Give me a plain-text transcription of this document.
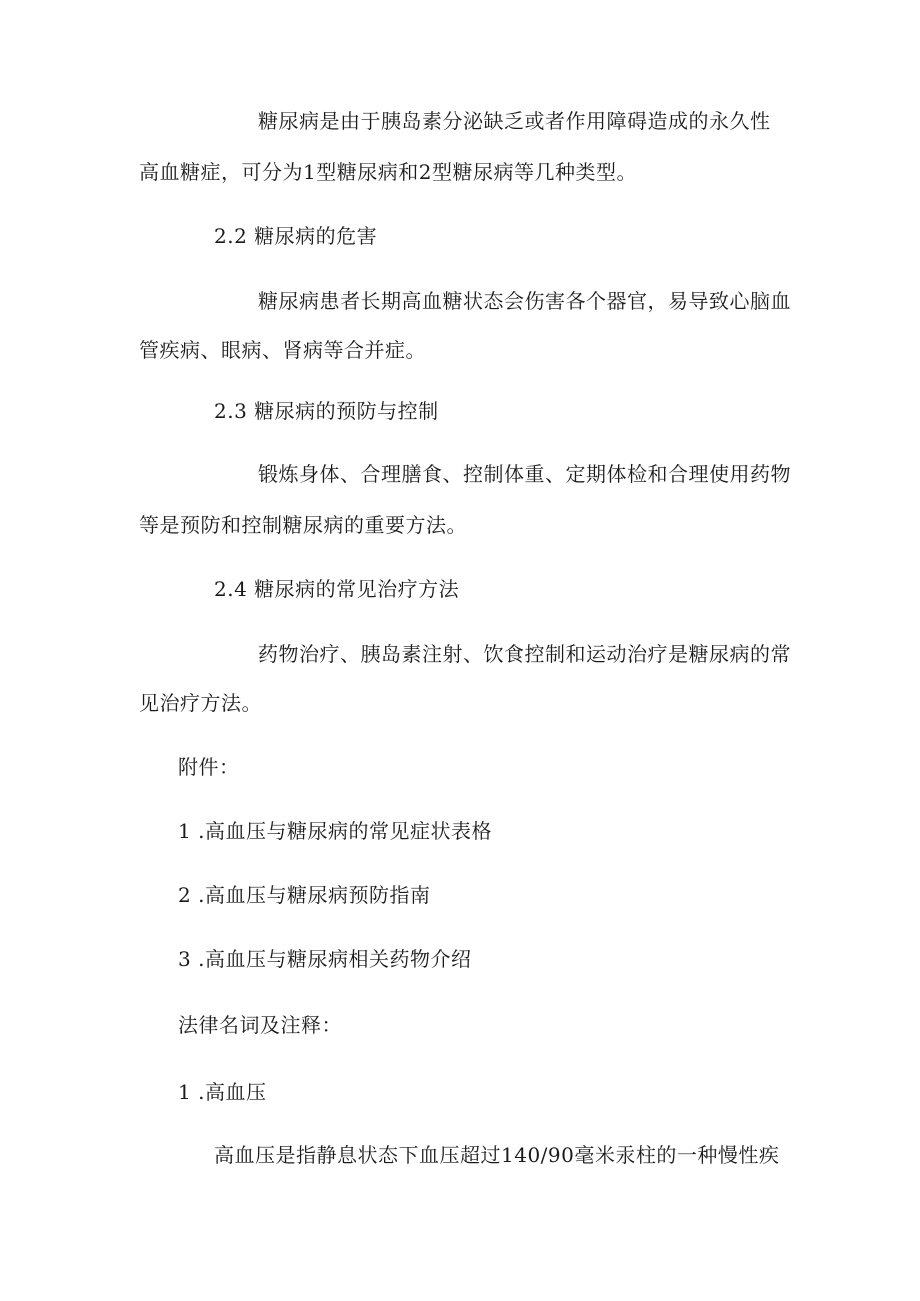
糖尿病是由于胰岛素分泌缺乏或者作用障碍造成的永久性
高血糖症，可分为1型糖尿病和2型糖尿病等几种类型。
2.2 糖尿病的危害
糖尿病患者长期高血糖状态会伤害各个器官，易导致心脑血
管疾病、眼病、肾病等合并症。
2.3 糖尿病的预防与控制
锻炼身体、合理膳食、控制体重、定期体检和合理使用药物
等是预防和控制糖尿病的重要方法。
2.4 糖尿病的常见治疗方法
药物治疗、胰岛素注射、饮食控制和运动治疗是糖尿病的常
见治疗方法。
附件：
1 .高血压与糖尿病的常见症状表格
2 .高血压与糖尿病预防指南
3 .高血压与糖尿病相关药物介绍
法律名词及注释：
1 .高血压
高血压是指静息状态下血压超过140/90毫米汞柱的一种慢性疾
